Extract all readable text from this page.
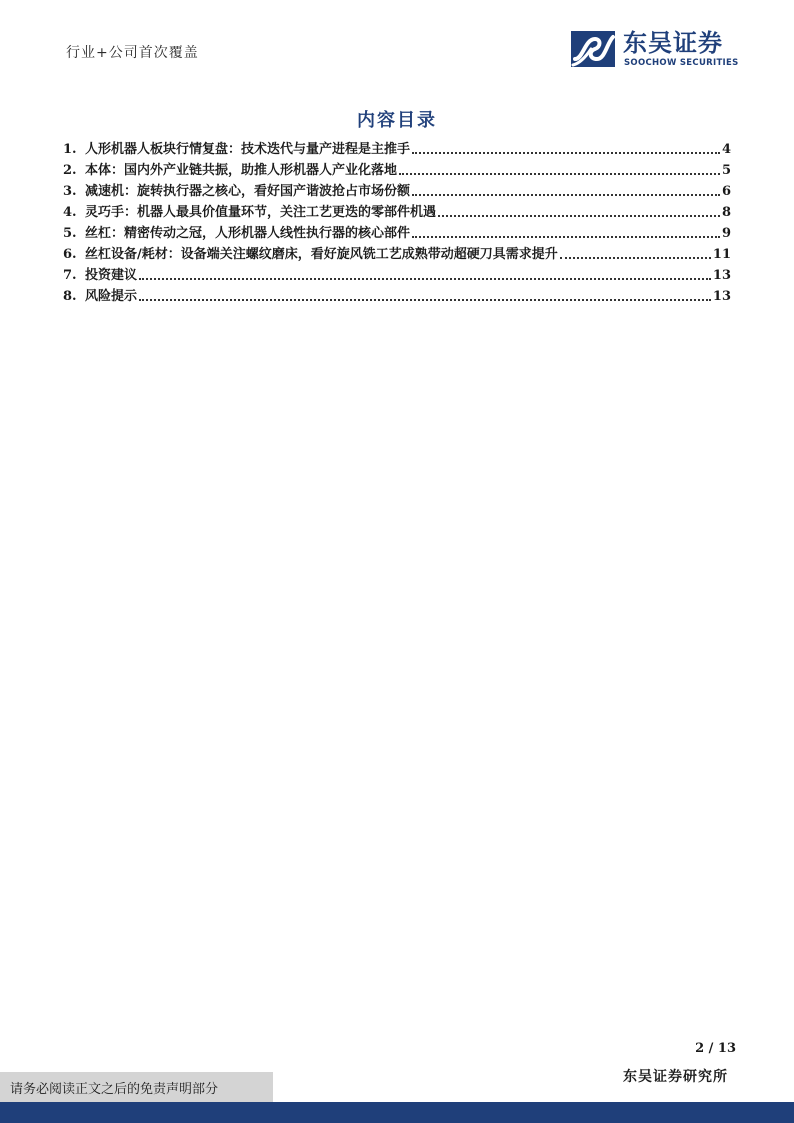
行业+公司首次覆盖	东吴证券
SOOCHOW SECURITIES
内容目录
1. 人形机器人板块行情复盘：技术迭代与量产进程是主推手	4
2. 本体：国内外产业链共振，助推人形机器人产业化落地	5
3. 减速机：旋转执行器之核心，看好国产谐波抢占市场份额	6
4. 灵巧手：机器人最具价值量环节，关注工艺更迭的零部件机遇	8
5. 丝杠：精密传动之冠，人形机器人线性执行器的核心部件	9
6. 丝杠设备/耗材：设备端关注螺纹磨床，看好旋风铣工艺成熟带动超硬刀具需求提升	11
7. 投资建议	13
8. 风险提示	13
2 / 13
东吴证券研究所
请务必阅读正文之后的免责声明部分
